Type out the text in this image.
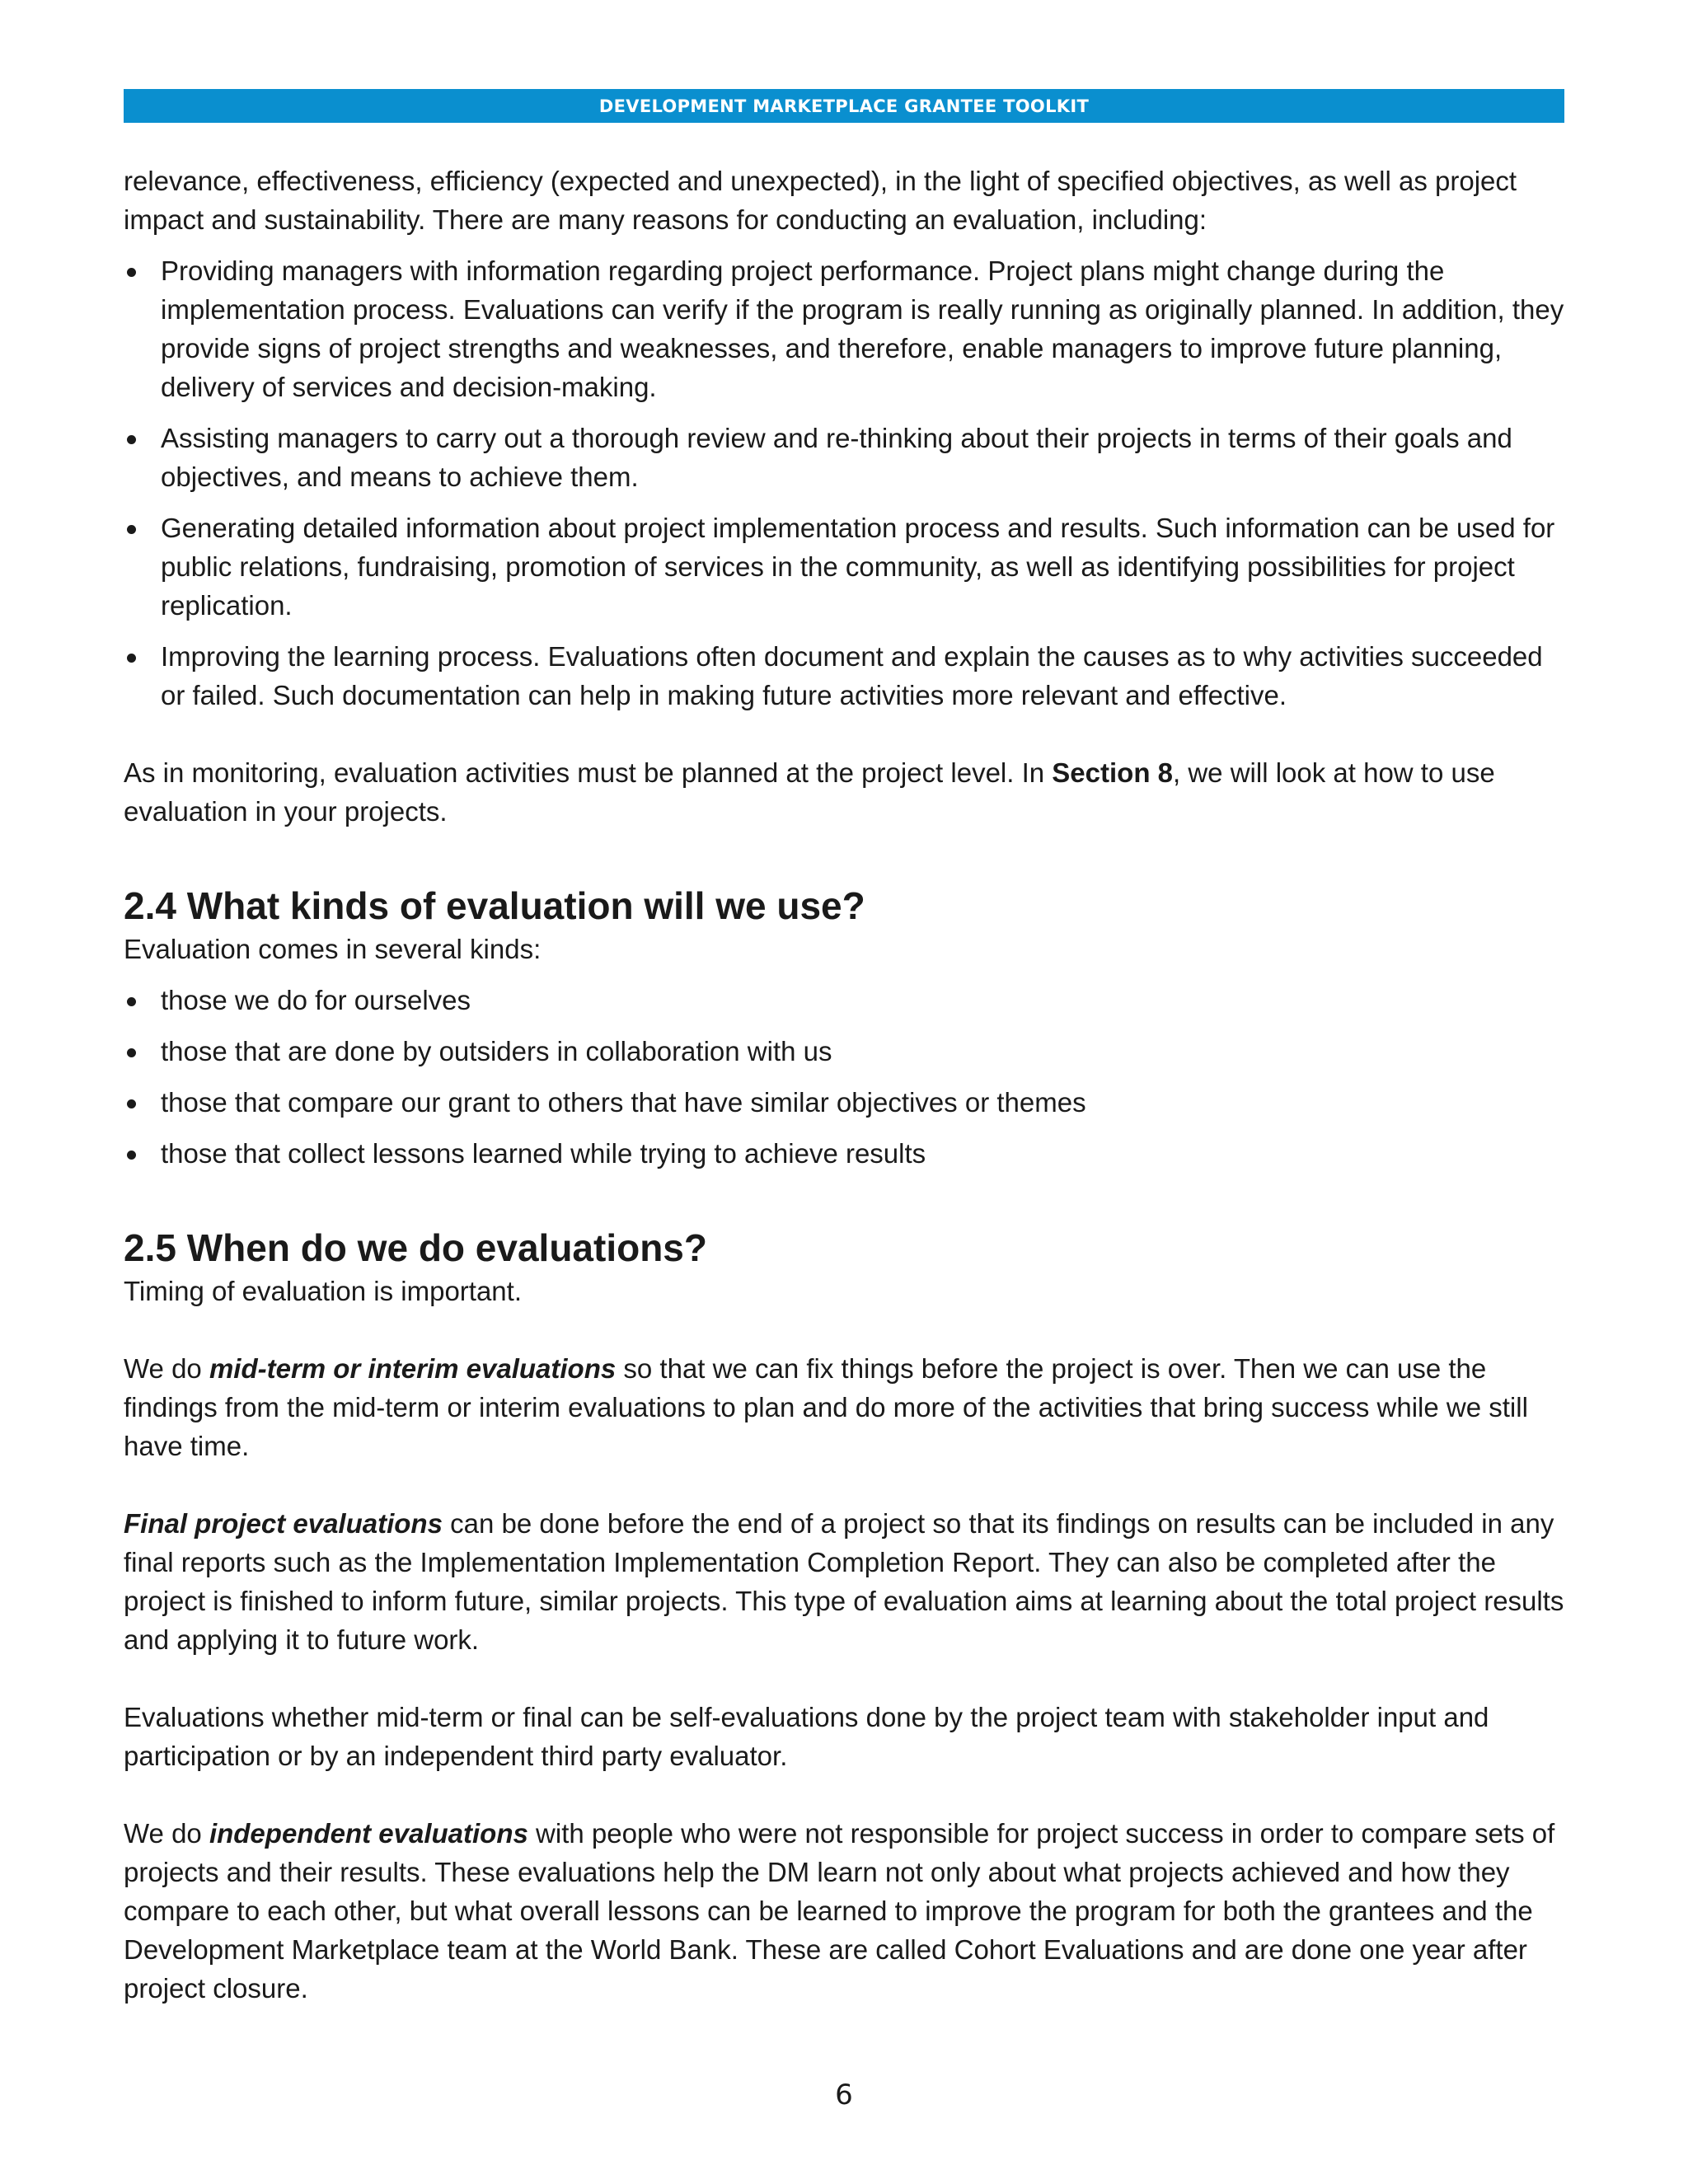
DEVELOPMENT MARKETPLACE GRANTEE TOOLKIT

relevance, effectiveness, efficiency (expected and unexpected), in the light of specified objectives, as well as project impact and sustainability. There are many reasons for conducting an evaluation, including:

Providing managers with information regarding project performance. Project plans might change during the implementation process. Evaluations can verify if the program is really running as originally planned. In addition, they provide signs of project strengths and weaknesses, and therefore, enable managers to improve future planning, delivery of services and decision-making.
Assisting managers to carry out a thorough review and re-thinking about their projects in terms of their goals and objectives, and means to achieve them.
Generating detailed information about project implementation process and results. Such information can be used for public relations, fundraising, promotion of services in the community, as well as identifying possibilities for project replication.
Improving the learning process. Evaluations often document and explain the causes as to why activities succeeded or failed. Such documentation can help in making future activities more relevant and effective.

As in monitoring, evaluation activities must be planned at the project level. In Section 8, we will look at how to use evaluation in your projects.

2.4 What kinds of evaluation will we use?

Evaluation comes in several kinds:

those we do for ourselves
those that are done by outsiders in collaboration with us
those that compare our grant to others that have similar objectives or themes
those that collect lessons learned while trying to achieve results
2.5 When do we do evaluations?

Timing of evaluation is important.

We do mid-term or interim evaluations so that we can fix things before the project is over. Then we can use the findings from the mid-term or interim evaluations to plan and do more of the activities that bring success while we still have time.

Final project evaluations can be done before the end of a project so that its findings on results can be included in any final reports such as the Implementation Implementation Completion Report. They can also be completed after the project is finished to inform future, similar projects. This type of evaluation aims at learning about the total project results and applying it to future work.

Evaluations whether mid-term or final can be self-evaluations done by the project team with stakeholder input and participation or by an independent third party evaluator.

We do independent evaluations with people who were not responsible for project success in order to compare sets of projects and their results. These evaluations help the DM learn not only about what projects achieved and how they compare to each other, but what overall lessons can be learned to improve the program for both the grantees and the Development Marketplace team at the World Bank. These are called Cohort Evaluations and are done one year after project closure.

6
